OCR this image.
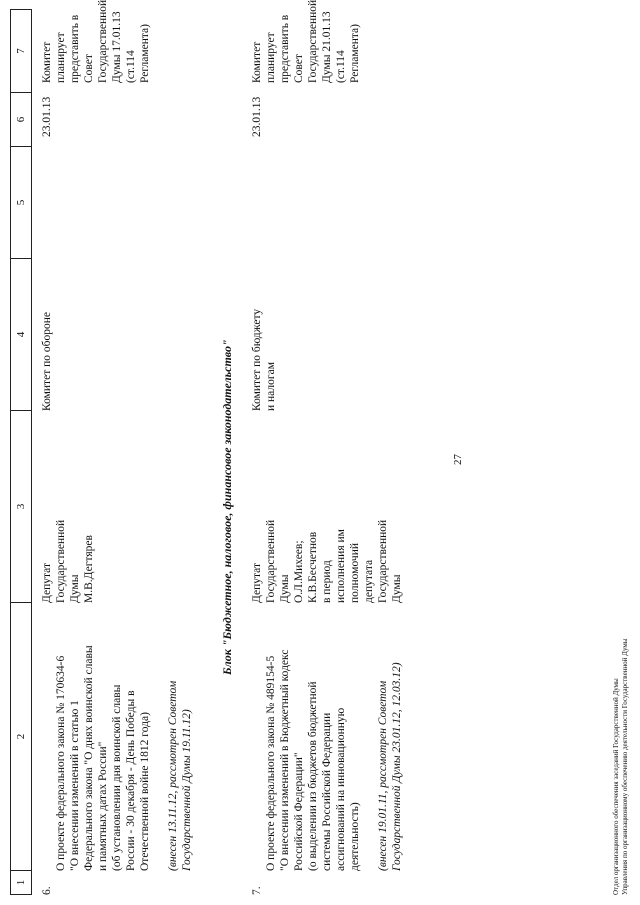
27
1
2
3
4
5
6
7
6.

О проекте федерального закона № 170634-6
"О внесении изменений в статью 1
Федерального закона "О днях воинской славы
и памятных датах России"
(об установлении дня воинской славы
России - 30 декабря - День Победы в
Отечественной войне 1812 года)

(внесен 13.11.12, рассмотрен Советом
Государственной Думы 19.11.12)

Депутат
Государственной
Думы
М.В.Дегтярев
Комитет по обороне
23.01.13
Комитет планирует
представить в Совет
Государственной
Думы 17.01.13
(ст.114 Регламента)
Блок "Бюджетное, налоговое, финансовое законодательство"
7.

О проекте федерального закона № 489154-5
"О внесении изменений в Бюджетный кодекс
Российской Федерации"
(о выделении из бюджетов бюджетной
системы Российской Федерации
ассигнований на инновационную
деятельность) (внесен 19.01.11, рассмотрен Советом
Государственной Думы 23.01.12, 12.03.12)

Депутат
Государственной
Думы
О.Л.Михеев;
К.В.Бесчетнов
в период
исполнения им
полномочий
депутата
Государственной
Думы
Комитет по бюджету
и налогам
23.01.13
Комитет планирует
представить в Совет
Государственной
Думы 21.01.13
(ст.114 Регламента)
Отдел организационного обеспечения заседаний Государственной Думы Управления по организационному обеспечению деятельности Государственной Думы
